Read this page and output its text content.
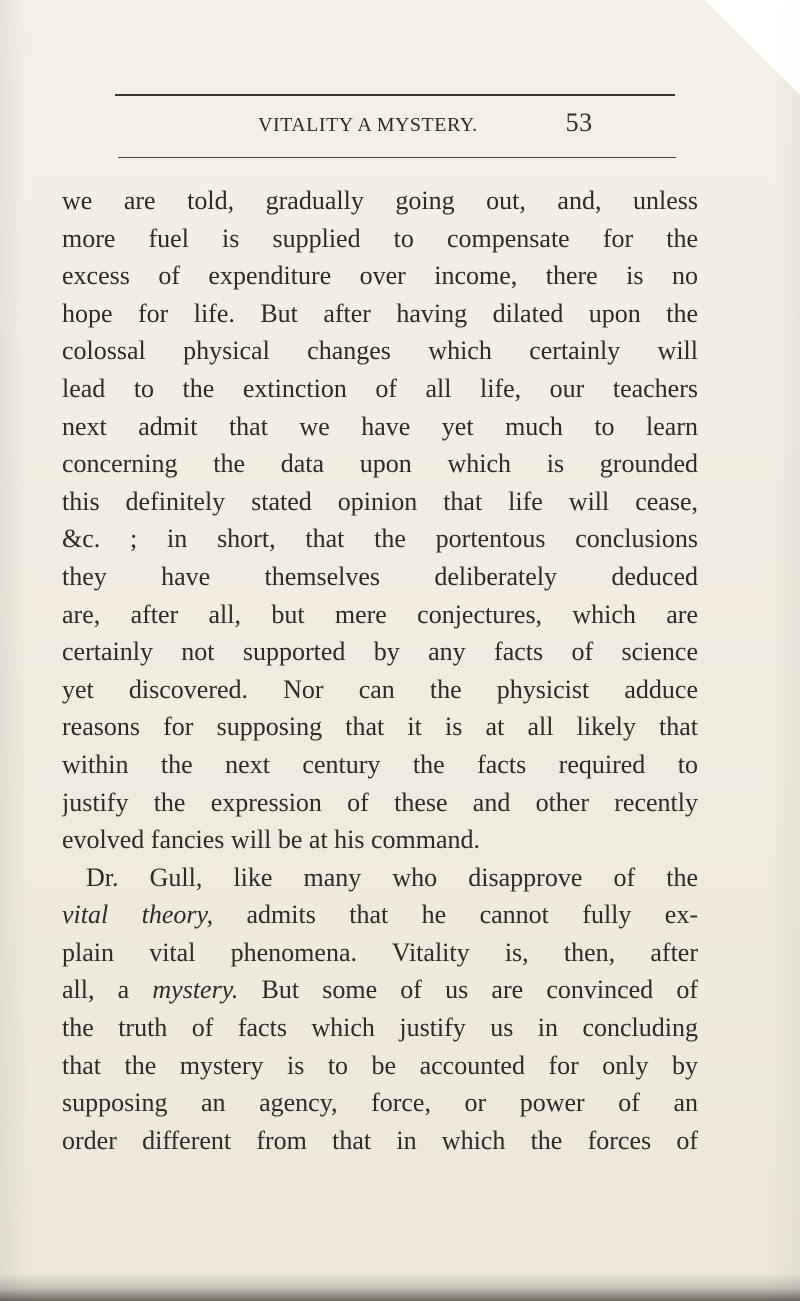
VITALITY A MYSTERY.	53
we are told, gradually going out, and, unless
more fuel is supplied to compensate for the
excess of expenditure over income, there is no
hope for life. But after having dilated upon the
colossal physical changes which certainly will
lead to the extinction of all life, our teachers
next admit that we have yet much to learn
concerning the data upon which is grounded
this definitely stated opinion that life will cease,
&c. ; in short, that the portentous conclusions
they have themselves deliberately deduced
are, after all, but mere conjectures, which are
certainly not supported by any facts of science
yet discovered. Nor can the physicist adduce
reasons for supposing that it is at all likely that
within the next century the facts required to
justify the expression of these and other recently
evolved fancies will be at his command.
Dr. Gull, like many who disapprove of the
vital theory, admits that he cannot fully ex-
plain vital phenomena. Vitality is, then, after
all, a mystery. But some of us are convinced of
the truth of facts which justify us in concluding
that the mystery is to be accounted for only by
supposing an agency, force, or power of an
order different from that in which the forces of
